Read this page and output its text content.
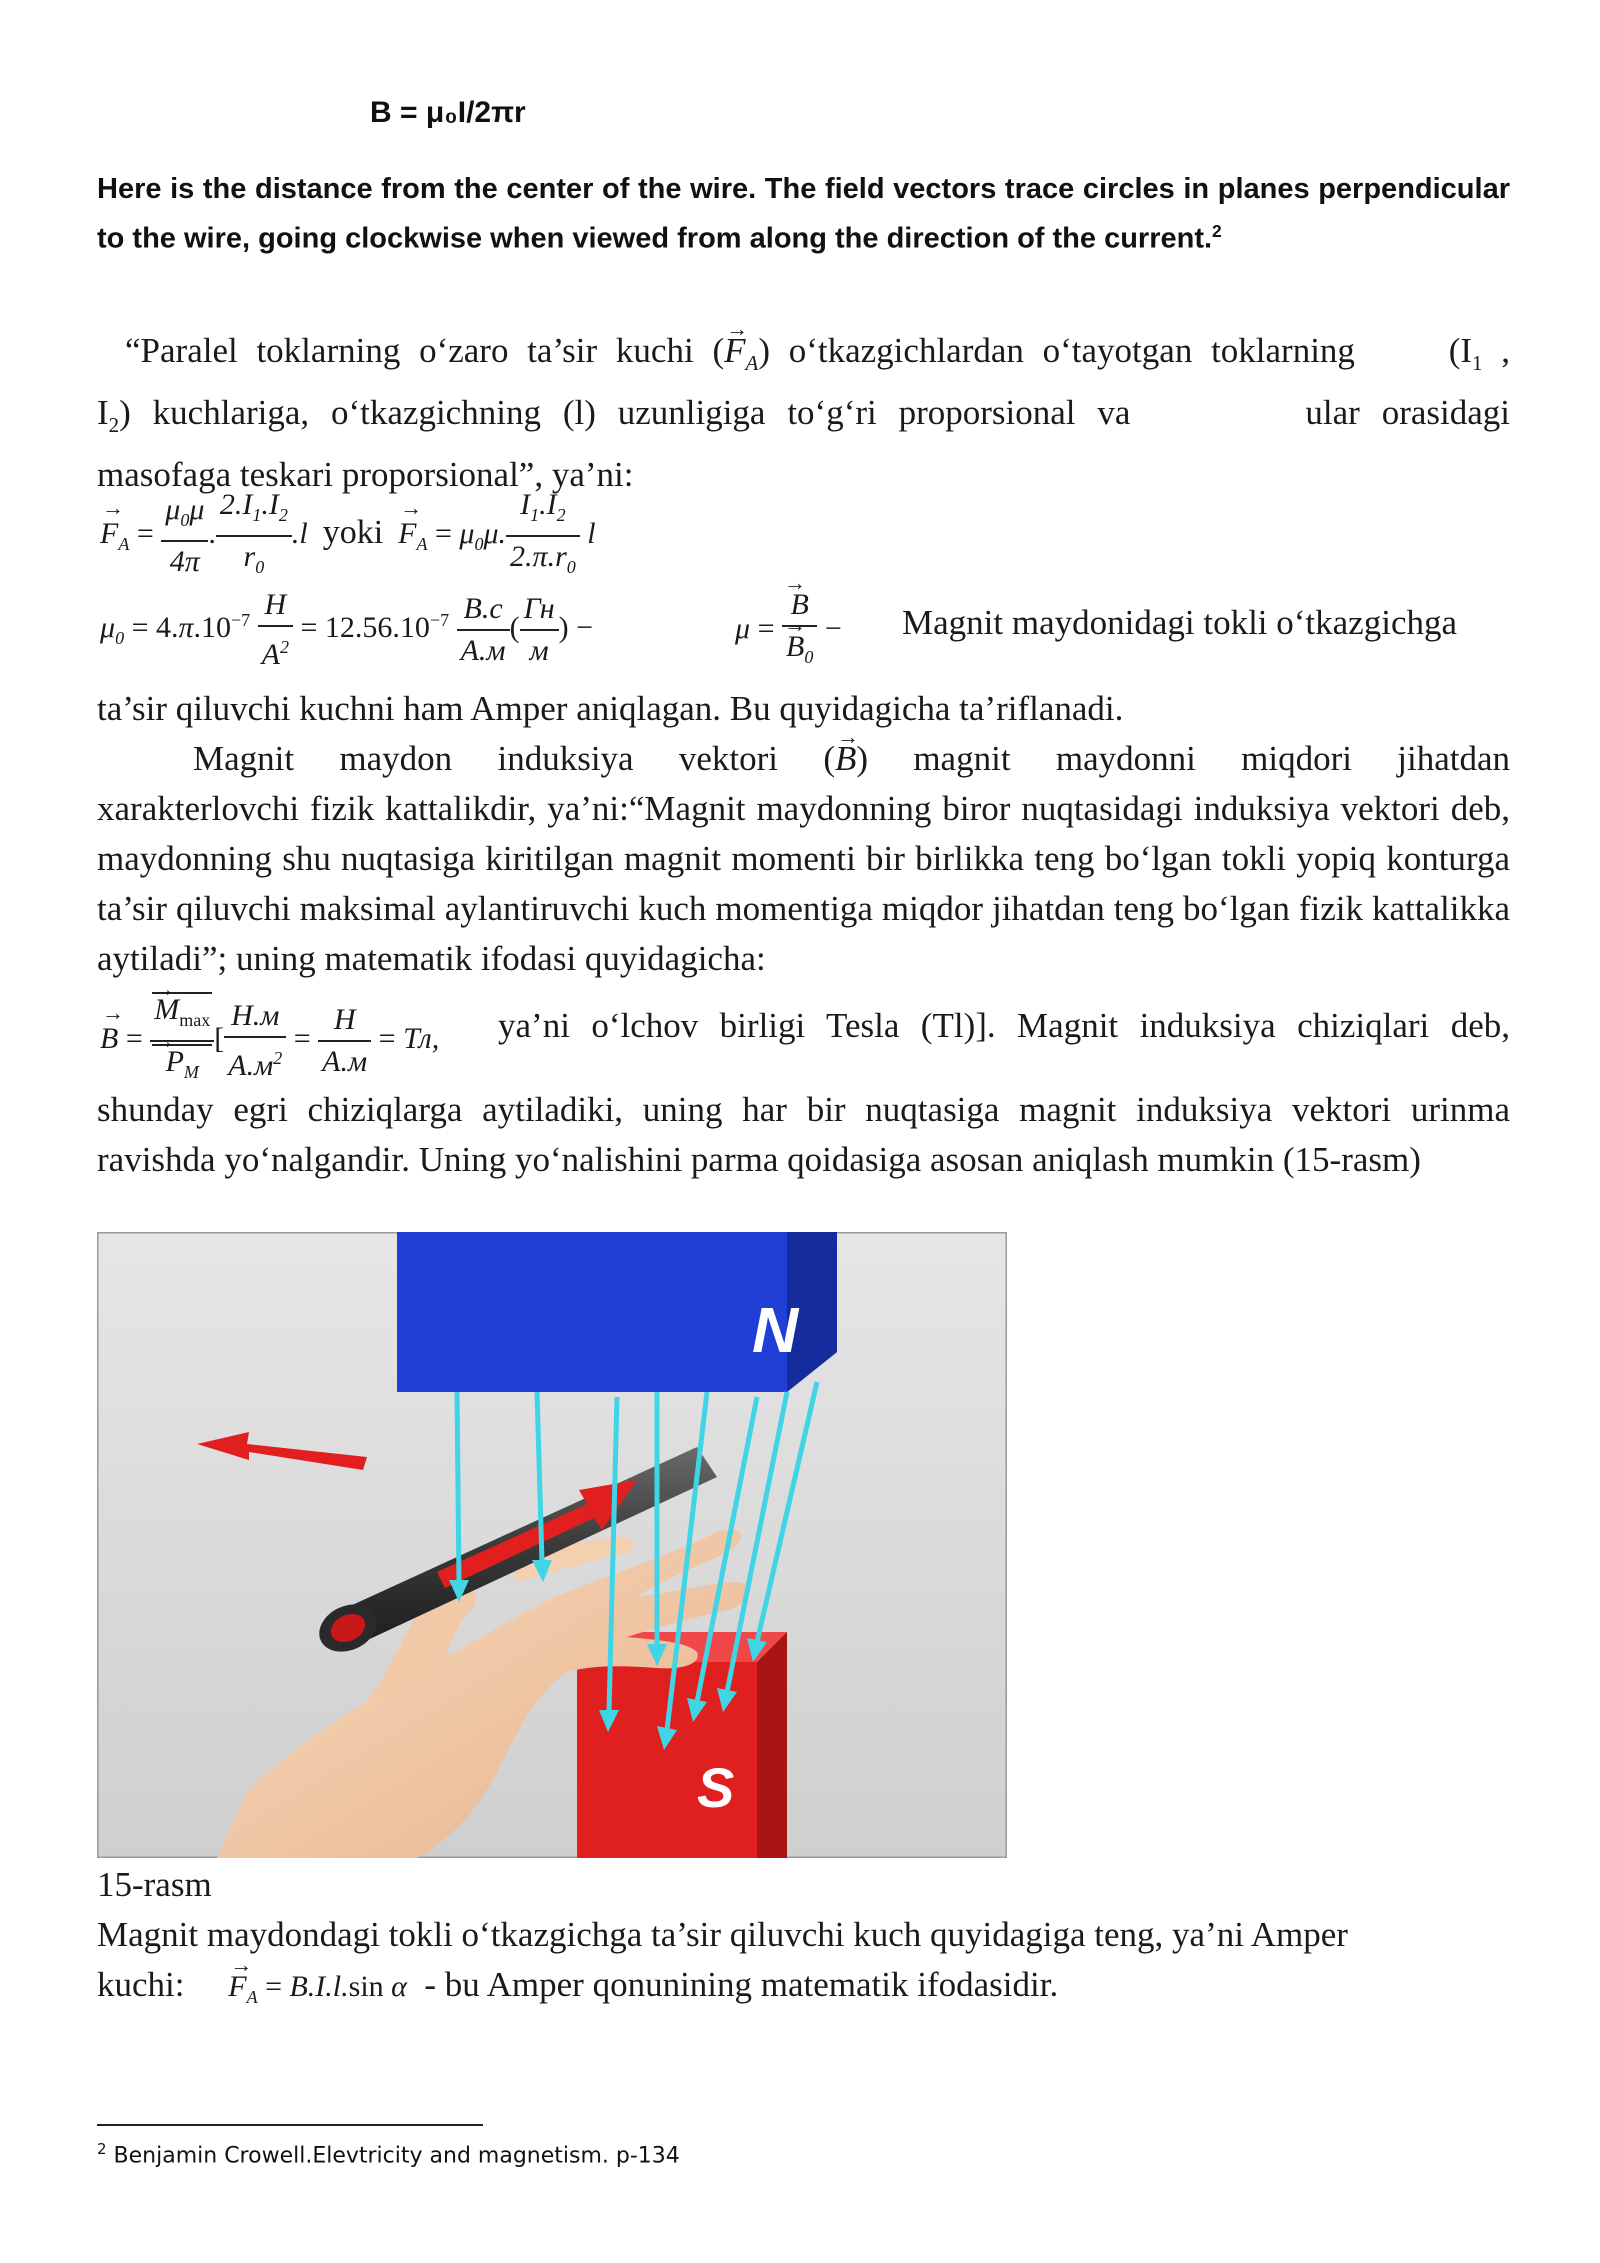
B = μ₀I/2πr
Here is the distance from the center of the wire. The field vectors trace circles in planes perpendicular to the wire, going clockwise when viewed from along the direction of the current.$^2$
“Paralel toklarning o‘zaro ta’sir kuchi (→ $F_A$) o‘tkazgichlardan o‘tayotgan toklarning	($I_1$ ,
$I_2$) kuchlariga, o‘tkazgichning (l) uzunligiga to‘g‘ri proporsional va	ular orasidagi
masofaga teskari proporsional”, ya’ni:
→ $F_A = \frac{\mu_0\mu}{4\pi}$ . $\frac{2.I_1.I_2}{r_0} .l$ yoki → $F_A = \mu_0\mu$. $\frac{I_1.I_2}{2.\pi.r_0}$ l
$\mu_0 = 4.\pi.10^{-7} \frac{H}{A^2} = 12.56.10^{-7} \frac{B.c}{A.м}$ ( $\frac{Гн}{м}$ ) −	μ = → B
→ $B_0$ − Magnit maydonidagi tokli o‘tkazgichga
ta’sir qiluvchi kuchni ham Amper aniqlagan. Bu quyidagicha ta’riflanadi.
Magnit maydon induksiya vektori (→ B) magnit maydonni miqdori jihatdan
xarakterlovchi fizik kattalikdir, ya’ni:“Magnit maydonning biror nuqtasidagi induksiya vektori deb, maydonning shu nuqtasiga kiritilgan magnit momenti bir birlikka teng bo‘lgan tokli yopiq konturga ta’sir qiluvchi maksimal aylantiruvchi kuch momentiga miqdor jihatdan teng bo‘lgan fizik kattalikka aytiladi”; uning matematik ifodasi quyidagicha:
→ $B = \frac{M_{max} \to}{P_M}$ → [ $\frac{H.м}{A.м^2} = \frac{H}{A.м}$ = Тл, ya’ni o‘lchov birligi Tesla (Tl)]. Magnit induksiya chiziqlari deb,
shunday egri chiziqlarga aytiladiki, uning har bir nuqtasiga magnit induksiya vektori urinma ravishda yo‘nalgandir. Uning yo‘nalishini parma qoidasiga asosan aniqlash mumkin (15-rasm)
N
S
15-rasm
Magnit maydondagi tokli o‘tkazgichga ta’sir qiluvchi kuch quyidagiga teng, ya’ni Amper
kuchi: → $F_A = B.I.l.\sin$ α - bu Amper qonunining matematik ifodasidir.
$^2$ Benjamin Crowell.Elevtricity and magnetism. p-134
